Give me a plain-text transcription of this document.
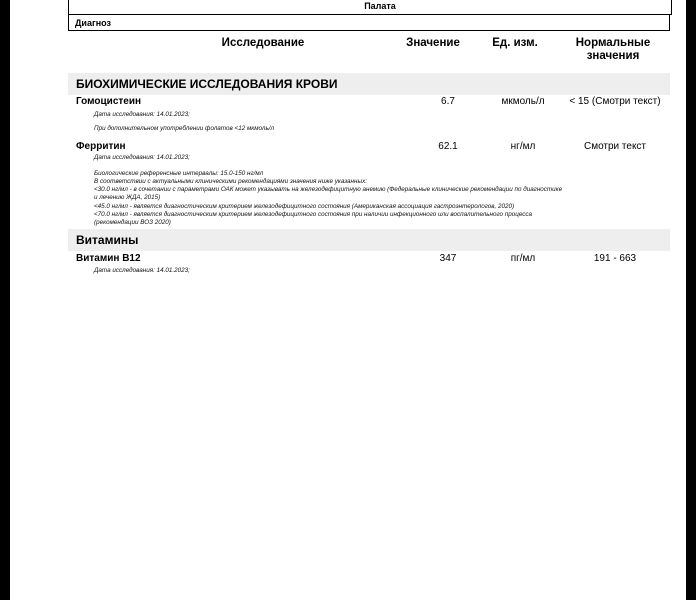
Палата
Диагноз
Исследование	Значение	Ед. изм.	Нормальные
значения
БИОХИМИЧЕСКИЕ ИССЛЕДОВАНИЯ КРОВИ
Гомоцистеин	6.7	мкмоль/л	< 15 (Смотри текст)
Дата исследования: 14.01.2023;
При дополнительном употреблении фолатов <12 мкмоль/л
Ферритин	62.1	нг/мл	Смотри текст
Дата исследования: 14.01.2023;
Биологические референсные интервалы: 15.0-150 нг/мл
В соответствии с актуальными клиническими рекомендациями значения ниже указанных:
<30.0 нг/мл - в сочетании с параметрами ОАК может указывать на железодефицитную анемию (Федеральные клинические рекомендации по диагностике
и лечению ЖДА, 2015)
<45.0 нг/мл - является диагностическим критерием железодефицитного состояния (Американская ассоциация гастроэнтерологов, 2020)
<70.0 нг/мл - является диагностическим критерием железодефицитного состояния при наличии инфекционного или воспалительного процесса
(рекомендации ВОЗ 2020)
Витамины
Витамин В12	347	пг/мл	191 - 663
Дата исследования: 14.01.2023;
